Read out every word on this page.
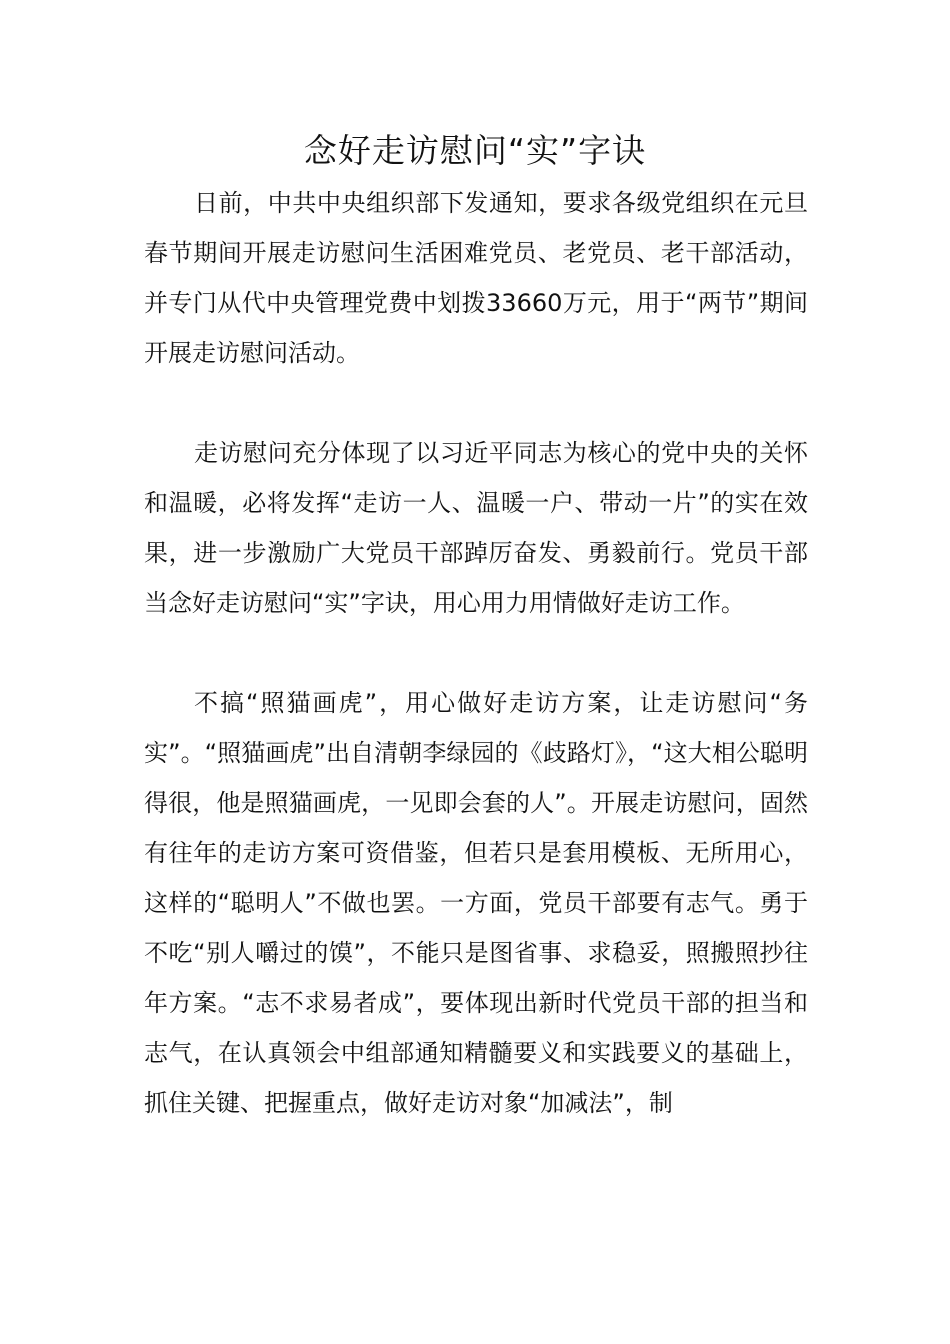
念好走访慰问“实”字诀

日前，中共中央组织部下发通知，要求各级党组织在元旦春节期间开展走访慰问生活困难党员、老党员、老干部活动，并专门从代中央管理党费中划拨33660万元，用于“两节”期间开展走访慰问活动。

走访慰问充分体现了以习近平同志为核心的党中央的关怀和温暖，必将发挥“走访一人、温暖一户、带动一片”的实在效果，进一步激励广大党员干部踔厉奋发、勇毅前行。党员干部当念好走访慰问“实”字诀，用心用力用情做好走访工作。

不搞“照猫画虎”，用心做好走访方案，让走访慰问“务实”。“照猫画虎”出自清朝李绿园的《歧路灯》，“这大相公聪明得很，他是照猫画虎，一见即会套的人”。开展走访慰问，固然有往年的走访方案可资借鉴，但若只是套用模板、无所用心，这样的“聪明人”不做也罢。一方面，党员干部要有志气。勇于不吃“别人嚼过的馍”，不能只是图省事、求稳妥，照搬照抄往年方案。“志不求易者成”，要体现出新时代党员干部的担当和志气，在认真领会中组部通知精髓要义和实践要义的基础上，抓住关键、把握重点，做好走访对象“加减法”，制
